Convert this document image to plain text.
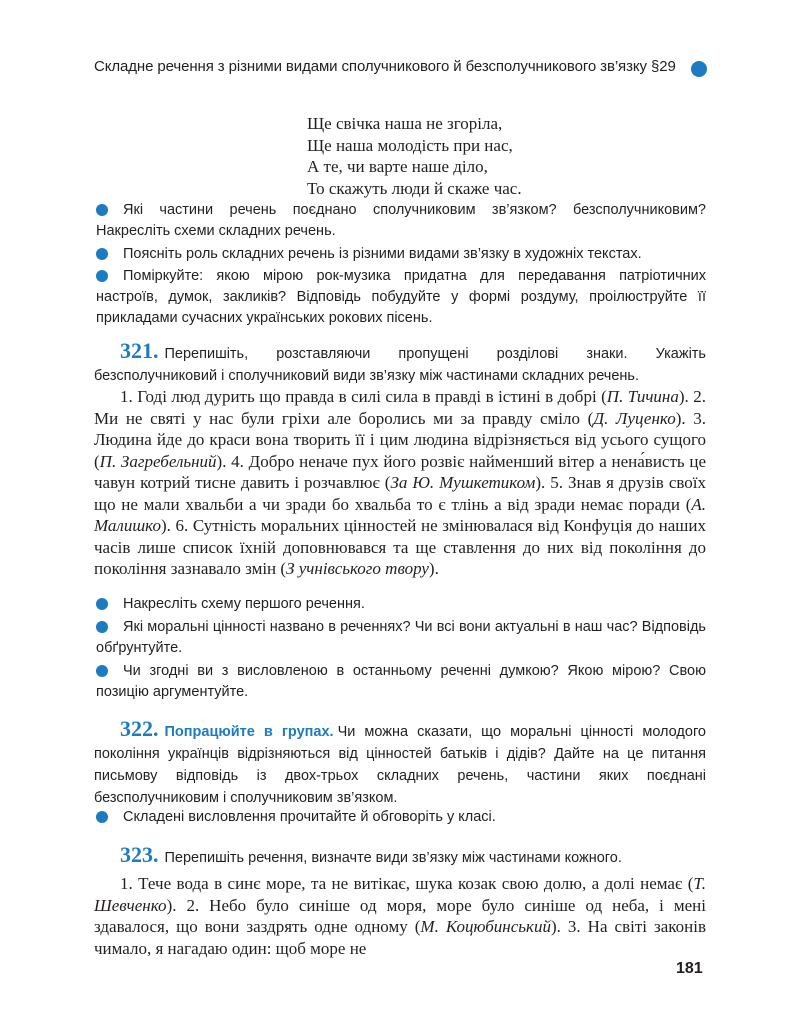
Складне речення з різними видами сполучникового й безсполучникового зв’язку §29
Ще свічка наша не згоріла,
Ще наша молодість при нас,
А те, чи варте наше діло,
То скажуть люди й скаже час.
Які частини речень поєднано сполучниковим зв’язком? безсполучниковим? Накресліть схеми складних речень.
Поясніть роль складних речень із різними видами зв’язку в художніх текстах.
Поміркуйте: якою мірою рок-музика придатна для передавання патріотичних настроїв, думок, закликів? Відповідь побудуйте у формі роздуму, проілюструйте її прикладами сучасних українських рокових пісень.
321. Перепишіть, розставляючи пропущені розділові знаки. Укажіть безсполучниковий і сполучниковий види зв’язку між частинами складних речень.
1. Годі люд дурить що правда в силі сила в правді в істині в добрі (П. Тичина). 2. Ми не святі у нас були гріхи але боролись ми за правду сміло (Д. Луценко). 3. Людина йде до краси вона творить її і цим людина відрізняється від усього сущого (П. Загребельний). 4. Добро неначе пух його розвіє найменший вітер а нена́висть це чавун котрий тисне давить і розчавлює (За Ю. Мушкетиком). 5. Знав я друзів своїх що не мали хвальби а чи зради бо хвальба то є тлінь а від зради немає поради (А. Малишко). 6. Сутність моральних цінностей не змінювалася від Конфуція до наших часів лише список їхній доповнювався та ще ставлення до них від покоління до покоління зазнавало змін (З учнівського твору).
Накресліть схему першого речення.
Які моральні цінності названо в реченнях? Чи всі вони актуальні в наш час? Відповідь обґрунтуйте.
Чи згодні ви з висловленою в останньому реченні думкою? Якою мірою? Свою позицію аргументуйте.
322. Попрацюйте в групах. Чи можна сказати, що моральні цінності молодого покоління українців відрізняються від цінностей батьків і дідів? Дайте на це питання письмову відповідь із двох-трьох складних речень, частини яких поєднані безсполучниковим і сполучниковим зв’язком.
Складені висловлення прочитайте й обговоріть у класі.
323. Перепишіть речення, визначте види зв’язку між частинами кожного.
1. Тече вода в синє море, та не витікає, шука козак свою долю, а долі немає (Т. Шевченко). 2. Небо було синіше од моря, море було синіше од неба, і мені здавалося, що вони заздрять одне одному (М. Коцюбинський). 3. На світі законів чимало, я нагадаю один: щоб море не
181
